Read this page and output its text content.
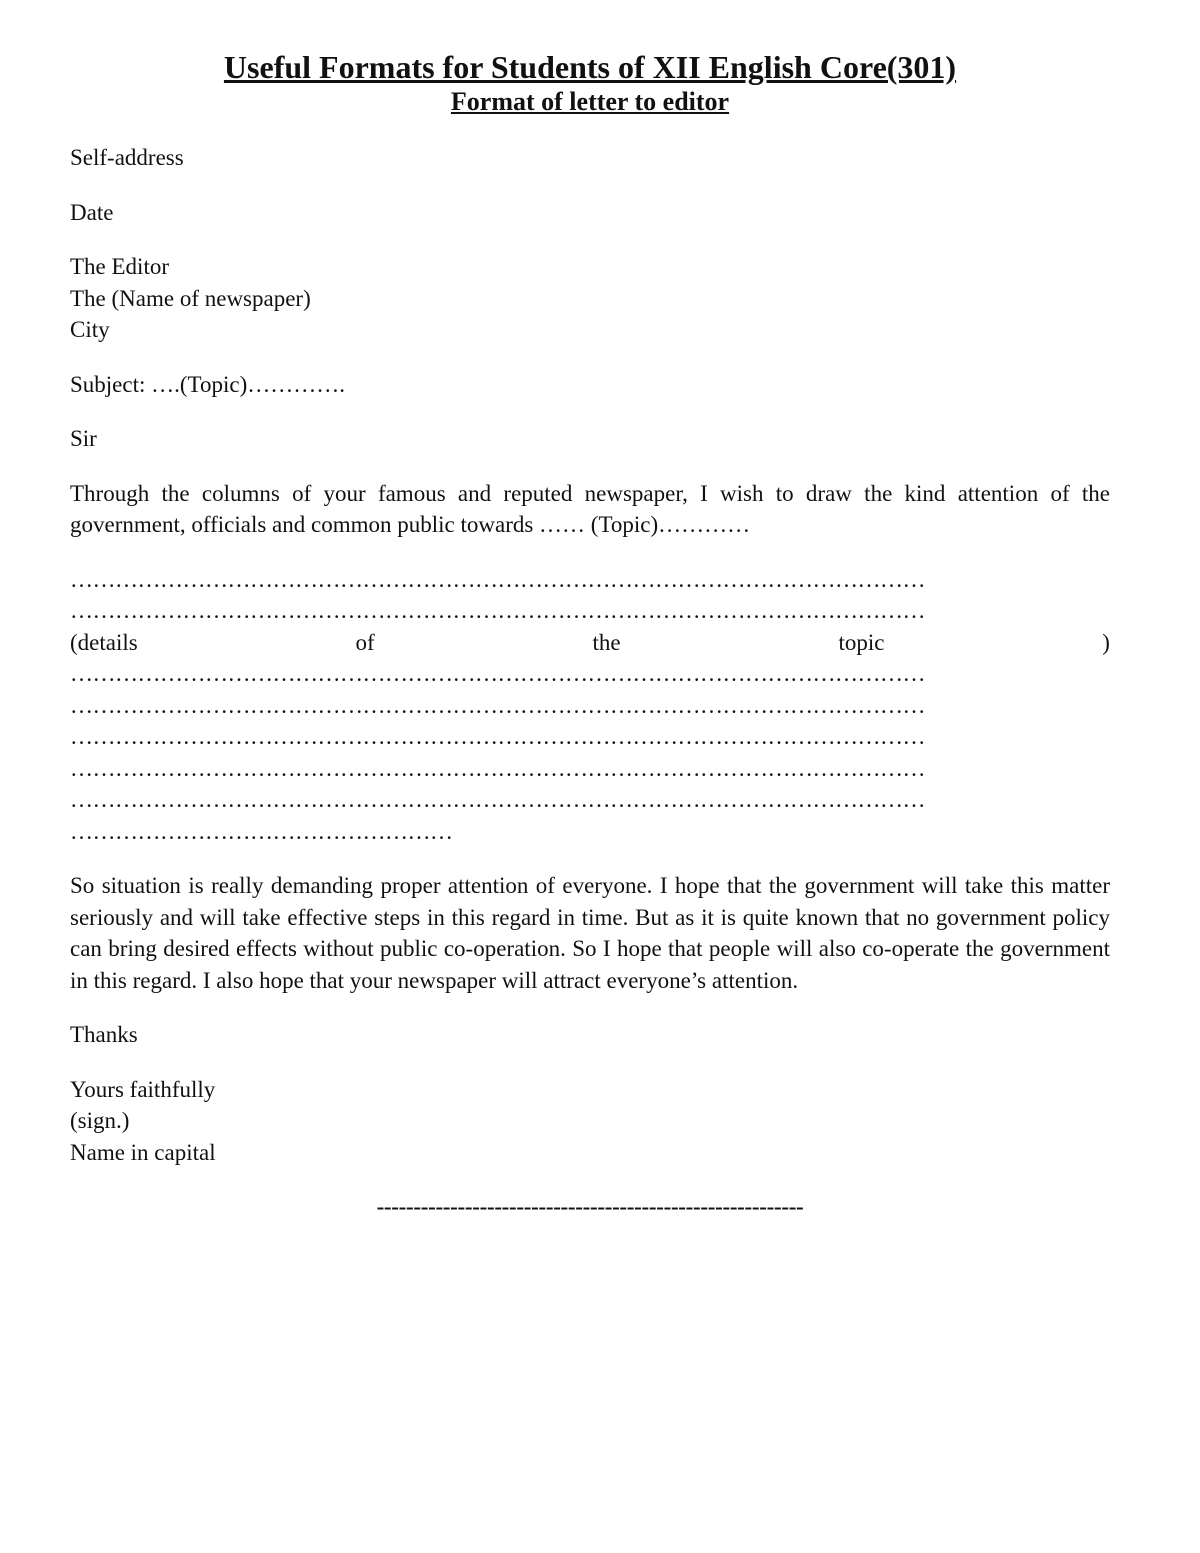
Useful Formats for Students of XII English Core(301)
Format of letter to editor
Self-address
Date
The Editor
The (Name of newspaper)
City
Subject: ….(Topic)………….
Sir
Through the columns of your famous and reputed newspaper, I wish to draw the kind attention of the government, officials and common public towards …… (Topic)…………
……………………………………………………………………………………………………
……………………………………………………………………………………………………
(details	of	the	topic	)
……………………………………………………………………………………………………
……………………………………………………………………………………………………
……………………………………………………………………………………………………
……………………………………………………………………………………………………
……………………………………………………………………………………………………
……………………………………………
So situation is really demanding proper attention of everyone. I hope that the government will take this matter seriously and will take effective steps in this regard in time. But as it is quite known that no government policy can bring desired effects without public co-operation. So I hope that people will also co-operate the government in this regard. I also hope that your newspaper will attract everyone’s attention.
Thanks
Yours faithfully
(sign.)
Name in capital
----------------------------------------------------------
